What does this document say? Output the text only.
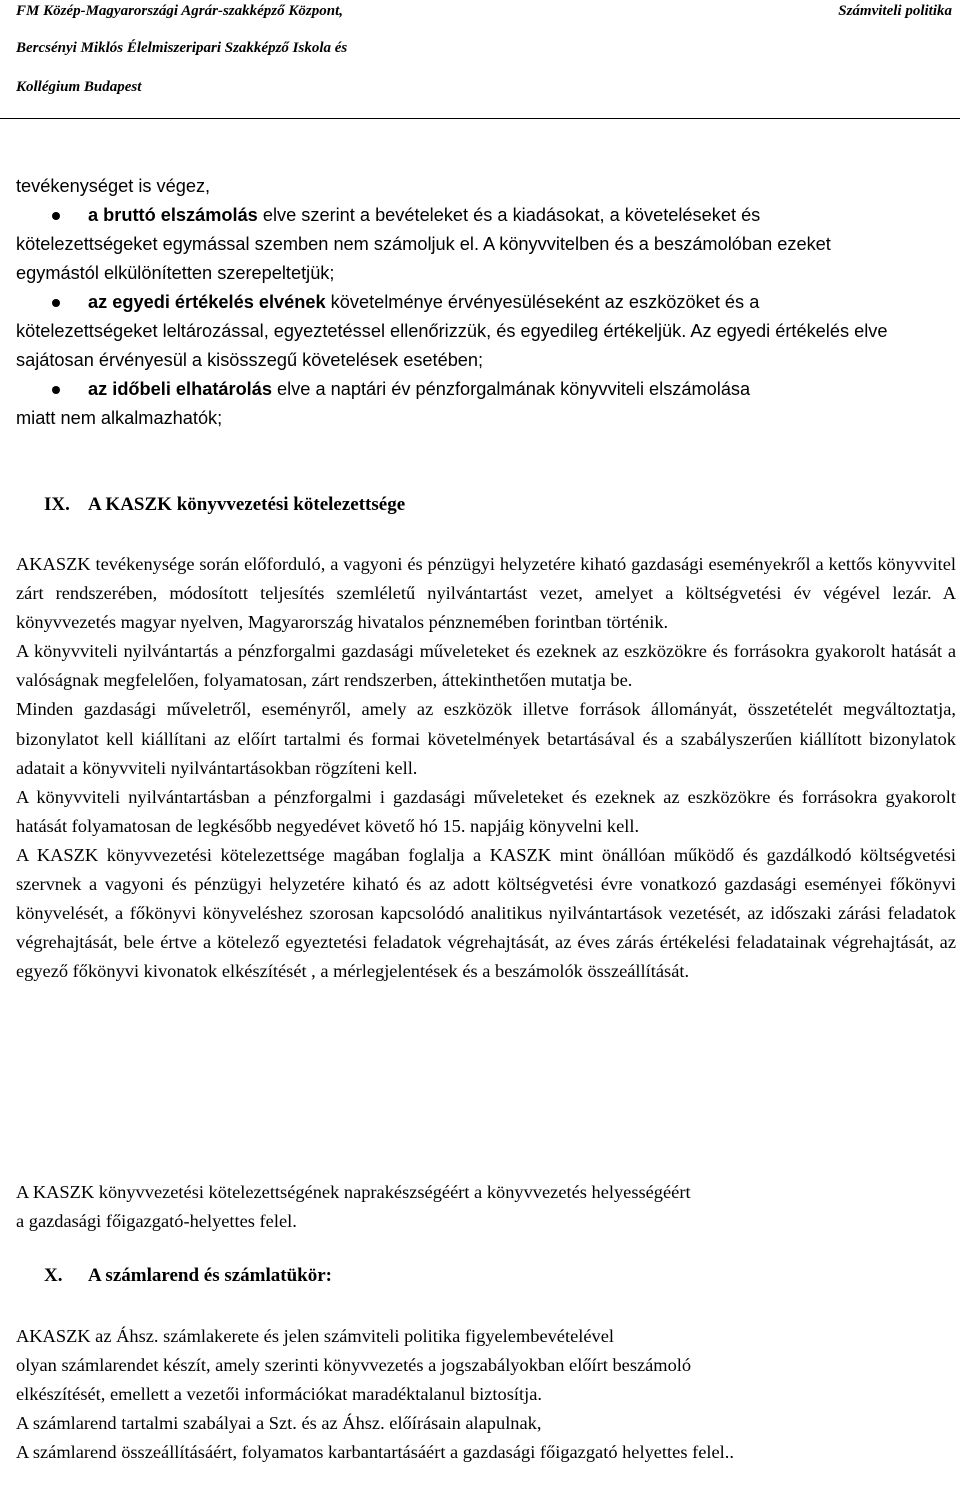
FM Közép-Magyarországi Agrár-szakképző Központ,	Számviteli politika
Bercsényi Miklós Élelmiszeripari Szakképző Iskola és
Kollégium Budapest

tevékenységet is végez,

a bruttó elszámolás elve szerint a bevételeket és a kiadásokat, a követeléseket és

kötelezettségeket egymással szemben nem számoljuk el. A könyvvitelben és a beszámolóban ezeket egymástól elkülönítetten szerepeltetjük;

az egyedi értékelés elvének követelménye érvényesüléseként az eszközöket és a

kötelezettségeket leltározással, egyeztetéssel ellenőrizzük, és egyedileg értékeljük. Az egyedi értékelés elve sajátosan érvényesül a kisösszegű követelések esetében;

az időbeli elhatárolás elve a naptári év pénzforgalmának könyvviteli elszámolása

miatt nem alkalmazhatók;

IX. A KASZK könyvvezetési kötelezettsége

AKASZK tevékenysége során előforduló, a vagyoni és pénzügyi helyzetére kiható gazdasági eseményekről a kettős könyvvitel zárt rendszerében, módosított teljesítés szemléletű nyilvántartást vezet, amelyet a költségvetési év végével lezár. A könyvvezetés magyar nyelven, Magyarország hivatalos pénznemében forintban történik.

A könyvviteli nyilvántartás a pénzforgalmi gazdasági műveleteket és ezeknek az eszközökre és forrásokra gyakorolt hatását a valóságnak megfelelően, folyamatosan, zárt rendszerben, áttekinthetően mutatja be.

Minden gazdasági műveletről, eseményről, amely az eszközök illetve források állományát, összetételét megváltoztatja, bizonylatot kell kiállítani az előírt tartalmi és formai követelmények betartásával és a szabályszerűen kiállított bizonylatok adatait a könyvviteli nyilvántartásokban rögzíteni kell.

A könyvviteli nyilvántartásban a pénzforgalmi i gazdasági műveleteket és ezeknek az eszközökre és forrásokra gyakorolt hatását folyamatosan de legkésőbb negyedévet követő hó 15. napjáig könyvelni kell.

A KASZK könyvvezetési kötelezettsége magában foglalja a KASZK mint önállóan működő és gazdálkodó költségvetési szervnek a vagyoni és pénzügyi helyzetére kiható és az adott költségvetési évre vonatkozó gazdasági eseményei főkönyvi könyvelését, a főkönyvi könyveléshez szorosan kapcsolódó analitikus nyilvántartások vezetését, az időszaki zárási feladatok végrehajtását, bele értve a kötelező egyeztetési feladatok végrehajtását, az éves zárás értékelési feladatainak végrehajtását, az egyező főkönyvi kivonatok elkészítését , a mérlegjelentések és a beszámolók összeállítását.

A KASZK könyvvezetési kötelezettségének naprakészségéért a könyvvezetés helyességéért

a gazdasági főigazgató-helyettes felel.

X. A számlarend és számlatükör:

AKASZK az Áhsz. számlakerete és jelen számviteli politika figyelembevételével

olyan számlarendet készít, amely szerinti könyvvezetés a jogszabályokban előírt beszámoló

elkészítését, emellett a vezetői információkat maradéktalanul biztosítja.

A számlarend tartalmi szabályai a Szt. és az Áhsz. előírásain alapulnak,

A számlarend összeállításáért, folyamatos karbantartásáért a gazdasági főigazgató helyettes felel..
